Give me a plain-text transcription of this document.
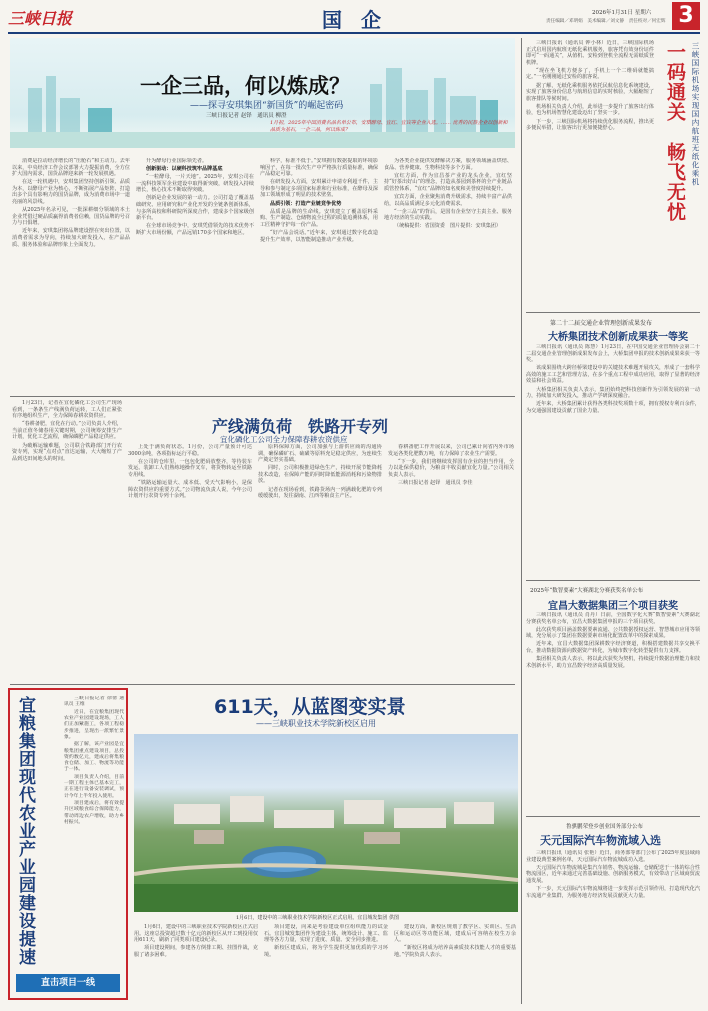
三峡日报	国 企	2026年1月31日 星期六
责任编辑／邓明娟　美术编辑／刘文静　责任校对／何宏辉 3
一企三品，何以炼成？
——探寻安琪集团“新国货”的崛起密码
三峡日报记者 赵铎　通讯员 柳澄
1月初，2025年中国消费名品名单公布，安琪酵母、宜红、宜宾等企业入选。…… 优秀的民族企业以创新和品质为基石，一企三品，何以炼成？

消费是拉动经济增长的“压舱石”和主动力。去年以来，中央经济工作会议部署大力提振消费，全方位扩大国内需求，国货品牌迎来新一轮发展机遇。

在这一轮机遇中，安琪集团坚持创新引领、品质为本，以酵母产业为核心，不断拓展产品矩阵，打造出多个具有影响力的国货品牌，成为消费市场中一道亮丽的风景线。

从2025年名录可见，一批深耕细分领域的本土企业凭借过硬品质赢得消费者信赖，国货品牌的号召力与日俱增。

近年来，安琪集团将品牌建设摆在突出位置，以消费者需求为导向，持续加大研发投入，在产品品质、服务体验和品牌形象上全面发力。

升为酵母行业国际领先者。

创新驱动：以硬科技筑牢品牌基底

“一粒酵母，一片天地”。2025年，安琪公司在一流科技领军企业建设中取得新突破，研发投入持续增长，核心技术不断取得突破。

创新是企业发展的第一动力。公司打造了覆盖基础研究、应用研究和产业化开发的全链条创新体系，与多所高校和科研院所深度合作，建成多个国家级创新平台。

在全球市场竞争中，安琪凭借领先的技术优势不断扩大市场份额，产品远销170多个国家和地区。

科学，标准不低于。”安琪拥有数据提取的环境影响因子，在每一批次生产中严格执行质量标准，确保产品稳定可靠。

在研发投入方面，安琪累计申请专利超千件，主导和参与制定多项国家标准和行业标准，在酵母及深加工领域形成了明显的技术壁垒。

品质引领：打造产业链竞争优势

品质是品牌的生命线。安琪建立了覆盖原料采购、生产制造、仓储物流全过程的质量追溯体系，用工匠精神守护每一份产品。

“好产品会说话。”近年来，安琪通过数字化改造提升生产效率，以智能制造推动产业升级。

为各类企业提供发酵解决方案，服务领域涵盖烘焙、食品、营养健康、生物科技等多个方面。

宜红方面，作为宜昌茶产业的龙头企业，宜红坚持“好茶出好山”的理念，打造从茶园到茶杯的全产业链品质管控体系，“宜红”品牌的知名度和美誉度持续提升。

宜宾方面，企业聚焦消费升级需求，持续丰富产品供给，以高品质满足多元化消费需求。

“一企三品”的背后，是国有企业坚守主责主业、服务地方经济的生动实践。

（统稿提供：省国资委　图片提供：安琪集团）

产线满负荷　铁路开专列
宜化磷化工公司全力保障春耕农资供应

1月23日，记者在宜化磷化工公司生产现场看到，一条条生产线满负荷运转，工人们正紧张有序地组织生产，全力保障春耕农资供应。

“春耕备肥，宜化在行动。”公司负责人介绍，当前正值冬储春用关键时期，公司统筹安排生产计划，优化工艺流程，确保磷肥产品稳定供应。

为破解运输难题，公司联合铁路部门开行农资专列，实现“点对点”直达运输，大大缩短了产品到达田间地头的时间。

上处于满负荷状态。1月份，公司产量预计可达3000余吨，各项指标运行平稳。

在公司的仓库里，一包包化肥码放整齐，等待装车发运。装卸工人们熟练地操作叉车，将货物转运至铁路专用线。

“铁路运输运量大、成本低、受天气影响小，是保障农资供应的重要方式。”公司物流负责人说，今年公司计划开行农资专列十余列。

原料保障方面，公司加强与上游供应商的沟通协调，确保磷矿石、硫磺等原料充足稳定供应，为连续生产奠定坚实基础。

同时，公司积极推进绿色生产，持续开展节能降耗技术改造，在保障产能的同时降低能源消耗和污染物排放。

记者在现场看到，铁路货场内一列满载化肥的专列缓缓驶出，发往湖南、江西等粮食主产区。

春耕备肥工作开展以来，公司已累计向省内外市场发运各类化肥数万吨，有力保障了农业生产需要。

“下一步，我们将继续发挥国有企业的担当作用，全力以赴保供稳价，为粮食丰收贡献宜化力量。”公司相关负责人表示。

三峡日报记者 赵铎　通讯员 李佳

宜粮集团现代农业产业园建设提速	三峡日报记者 徐倩 通讯员 王维

近日，在宜粮集团现代农业产业园建设现场，工人们正加紧施工，各项工程稳步推进，呈现出一派繁忙景象。

据了解，该产业园是宜粮集团重点建设项目，总投资约数亿元，建成后将集粮食仓储、加工、物流等功能于一体。

项目负责人介绍，目前一期工程主体已基本完工，正在进行设备安装调试，预计今年上半年投入使用。

项目建成后，将有效提升区域粮食综合保障能力，带动周边农户增收，助力乡村振兴。

直击项目一线
611天，从蓝图变实景
——三峡职业技术学院新校区启用
1月6日，建设中的三峡职业技术学院新校区正式启用。宜昌城发集团 供图

1月6日，建设中的三峡职业技术学院新校区正式启用。这座总投资超过数十亿元的新校区从开工到投用仅用611天，刷新了同类项目建设纪录。

项目建设期间，参建各方倒排工期、挂图作战，克服了诸多困难。

项目建设，向来是考验建设单位组织能力的试金石。宜昌城发集团作为建设主体，统筹设计、施工、监理等各方力量，实现了进度、质量、安全同步推进。

新校区建成后，将为学生提供更加优质的学习环境。

建设方面，新校区规划了教学区、实训区、生活区和运动区等功能区域，建成后可容纳在校生万余人。

“新校区将成为培养高素质技术技能人才的重要基地。”学院负责人表示。

三峡日报讯（通讯员 钟小林）近日，三峡国际机场正式启用国内航班无纸化乘机服务，旅客凭有效身份证件即可“一码通关”，从值机、安检到登机全流程无需纸质登机牌。

“现在坐飞机方便多了，手机上一个二维码就能搞定。”一名刚刚通过安检的旅客说。

据了解，无纸化乘机服务依托民航信息化系统建设，实现了旅客身份信息与航班信息的实时核验，大幅缩短了旅客排队等候时间。

机场相关负责人介绍，此举进一步提升了旅客出行体验，也为机场智慧化建设迈出了坚实一步。

下一步，三峡国际机场将持续优化服务流程，推出更多便民举措，让旅客出行更加便捷舒心。	三峡国际机场实现国内航班无纸化乘机
一码通关　畅飞无忧
第二十二届交通企业管理创新成果发布
大桥集团技术创新成果获一等奖

三峡日报讯（通讯员 陈慧）1月23日，在中国交通企业管理协会第二十二届交通企业管理创新成果发布会上，大桥集团申报的技术创新成果荣获一等奖。

该成果围绕大跨径桥梁建设中的关键技术难题开展攻关，形成了一套科学高效的施工工艺和管理方法，在多个重点工程中成功应用，取得了显著的经济效益和社会效益。

大桥集团相关负责人表示，集团始终把科技创新作为引领发展的第一动力，持续加大研发投入，推动产学研深度融合。

近年来，大桥集团累计获得各类科技奖项数十项，拥有授权专利百余件，为交通强国建设贡献了国企力量。

2025年“数智要素”大赛湖北分赛获奖名单公布
宜昌大数据集团三个项目获奖

三峡日报讯（通讯员 肖丹）日前，全国数字化大赛“数智要素”大赛湖北分赛获奖名单公布，宜昌大数据集团申报的三个项目获奖。

此次获奖项目涵盖数据要素流通、公共数据授权运营、智慧城市应用等领域，充分展示了集团在数据要素市场化配置改革中的探索成果。

近年来，宜昌大数据集团深耕数字经济赛道，积极搭建数据共享交换平台，推动数据资源向数据资产转化，为城市数字化转型提供有力支撑。

集团相关负责人表示，将以此次获奖为契机，持续提升数据治理能力和技术创新水平，助力宜昌数字经济高质量发展。

鲁骐鹏荣登乡创业国务部分公布
天元国际汽车物流域入选

三峡日报讯（通讯员 张艳）近日，商务部等部门公布了2025年度县域商业建设典型案例名单，天元国际汽车物流城成功入选。

天元国际汽车物流城是集汽车销售、物流运输、仓储配送于一体的综合性物流园区，近年来通过完善基础设施、创新服务模式，有效带动了区域商贸流通发展。

下一步，天元国际汽车物流城将进一步发挥示范引领作用，打造现代化汽车流通产业集群，为服务地方经济发展贡献更大力量。
